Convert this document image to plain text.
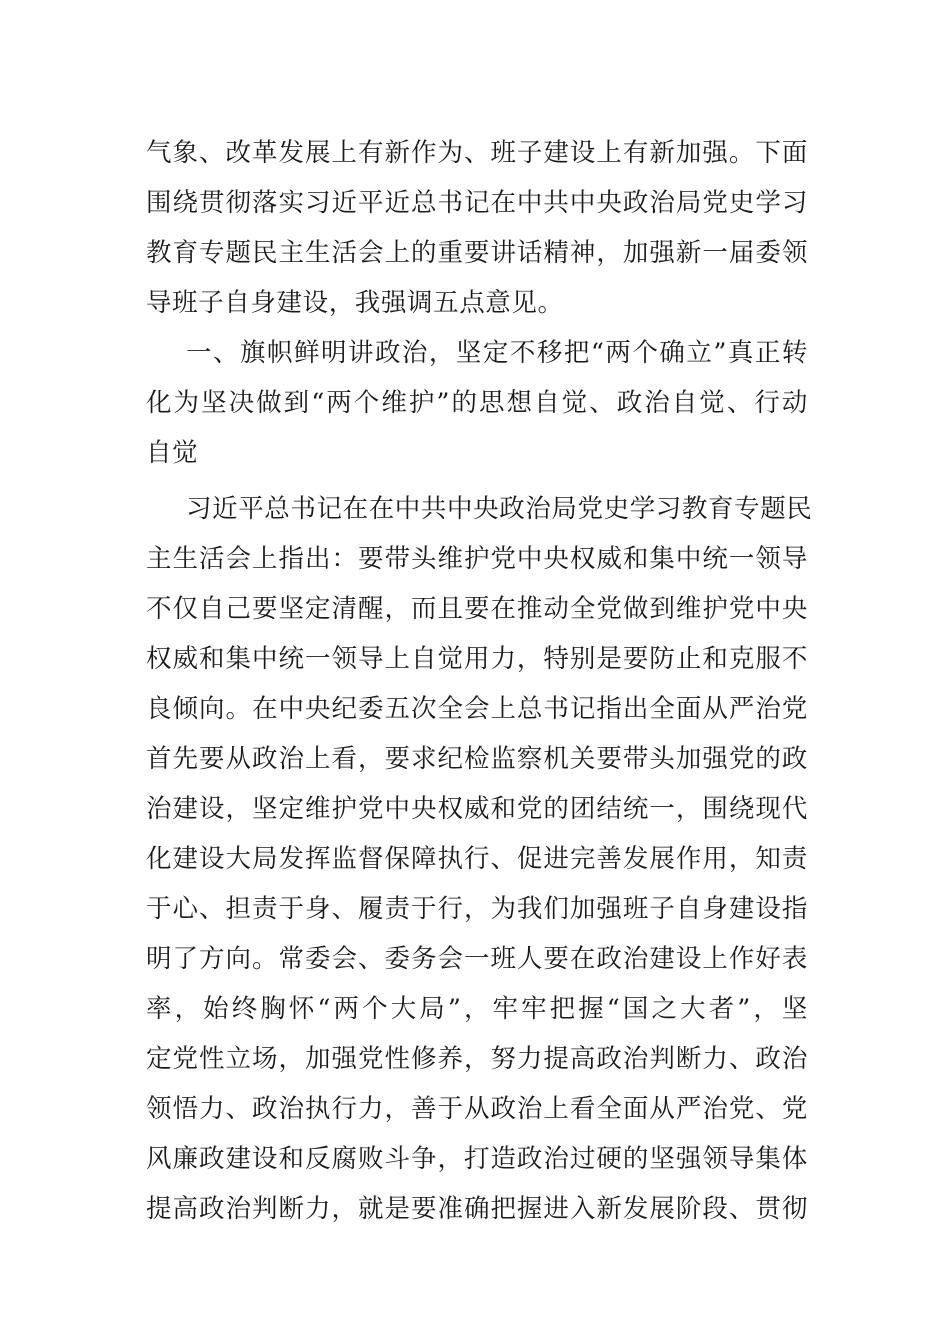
气象、改革发展上有新作为、班子建设上有新加强。下面
围绕贯彻落实习近平近总书记在中共中央政治局党史学习
教育专题民主生活会上的重要讲话精神，加强新一届委领
导班子自身建设，我强调五点意见。
一、旗帜鲜明讲政治，坚定不移把“两个确立”真正转
化为坚决做到“两个维护”的思想自觉、政治自觉、行动
自觉
习近平总书记在在中共中央政治局党史学习教育专题民
主生活会上指出：要带头维护党中央权威和集中统一领导
不仅自己要坚定清醒，而且要在推动全党做到维护党中央
权威和集中统一领导上自觉用力，特别是要防止和克服不
良倾向。在中央纪委五次全会上总书记指出全面从严治党
首先要从政治上看，要求纪检监察机关要带头加强党的政
治建设，坚定维护党中央权威和党的团结统一，围绕现代
化建设大局发挥监督保障执行、促进完善发展作用，知责
于心、担责于身、履责于行，为我们加强班子自身建设指
明了方向。常委会、委务会一班人要在政治建设上作好表
率，始终胸怀“两个大局”，牢牢把握“国之大者”，坚
定党性立场，加强党性修养，努力提高政治判断力、政治
领悟力、政治执行力，善于从政治上看全面从严治党、党
风廉政建设和反腐败斗争，打造政治过硬的坚强领导集体
提高政治判断力，就是要准确把握进入新发展阶段、贯彻
